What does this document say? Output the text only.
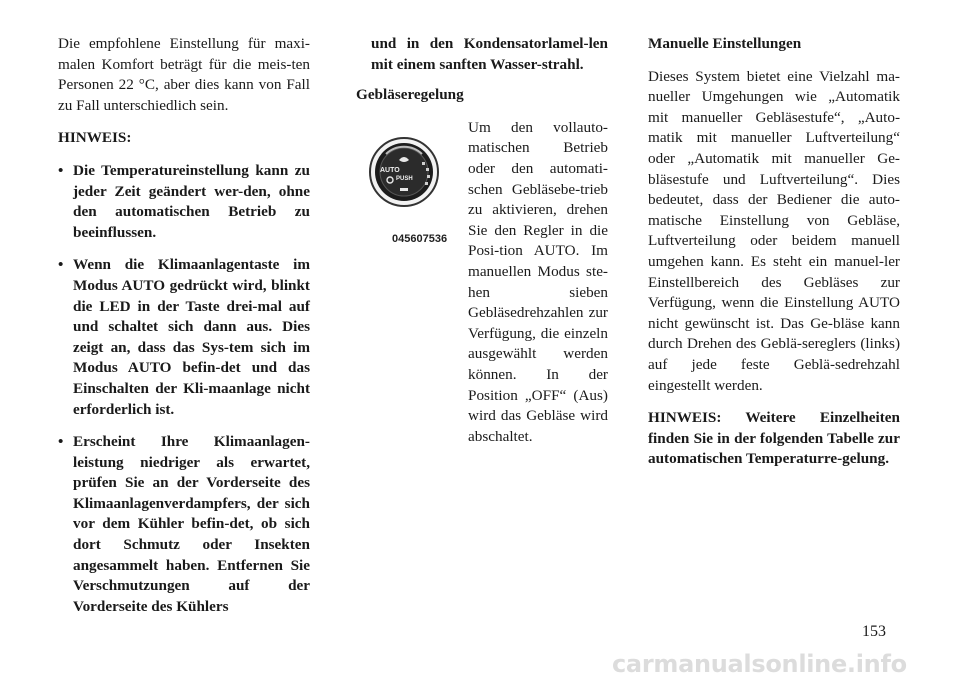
Die empfohlene Einstellung für maxi-malen Komfort beträgt für die meis-ten Personen 22 °C, aber dies kann von Fall zu Fall unterschiedlich sein.

HINWEIS:

• Die Temperatureinstellung kann zu jeder Zeit geändert wer-den, ohne den automatischen Betrieb zu beeinflussen.
• Wenn die Klimaanlagentaste im Modus AUTO gedrückt wird, blinkt die LED in der Taste drei-mal auf und schaltet sich dann aus. Dies zeigt an, dass das Sys-tem sich im Modus AUTO befin-det und das Einschalten der Kli-maanlage nicht erforderlich ist.
• Erscheint Ihre Klimaanlagen-leistung niedriger als erwartet, prüfen Sie an der Vorderseite des Klimaanlagenverdampfers, der sich vor dem Kühler befin-det, ob sich dort Schmutz oder Insekten angesammelt haben. Entfernen Sie Verschmutzungen auf der Vorderseite des Kühlers
und in den Kondensatorlamel-len mit einem sanften Wasser-strahl.

Gebläseregelung

AUTO
PUSH
045607536
Um den vollauto-matischen Betrieb oder den automati-schen Gebläsebe-trieb zu aktivieren, drehen Sie den Regler in die Posi-tion AUTO. Im manuellen Modus ste-hen sieben Gebläsedrehzahlen zur Verfügung, die einzeln ausgewählt werden können. In der Position „OFF“ (Aus) wird das Gebläse wird abschaltet.

Manuelle Einstellungen

Dieses System bietet eine Vielzahl ma-nueller Umgehungen wie „Automatik mit manueller Gebläsestufe“, „Auto-matik mit manueller Luftverteilung“ oder „Automatik mit manueller Ge-bläsestufe und Luftverteilung“. Dies bedeutet, dass der Bediener die auto-matische Einstellung von Gebläse, Luftverteilung oder beidem manuell umgehen kann. Es steht ein manuel-ler Einstellbereich des Gebläses zur Verfügung, wenn die Einstellung AUTO nicht gewünscht ist. Das Ge-bläse kann durch Drehen des Geblä-sereglers (links) auf jede feste Geblä-sedrehzahl eingestellt werden.

HINWEIS: Weitere Einzelheiten finden Sie in der folgenden Tabelle zur automatischen Temperaturre-gelung.

153
carmanualsonline.info
